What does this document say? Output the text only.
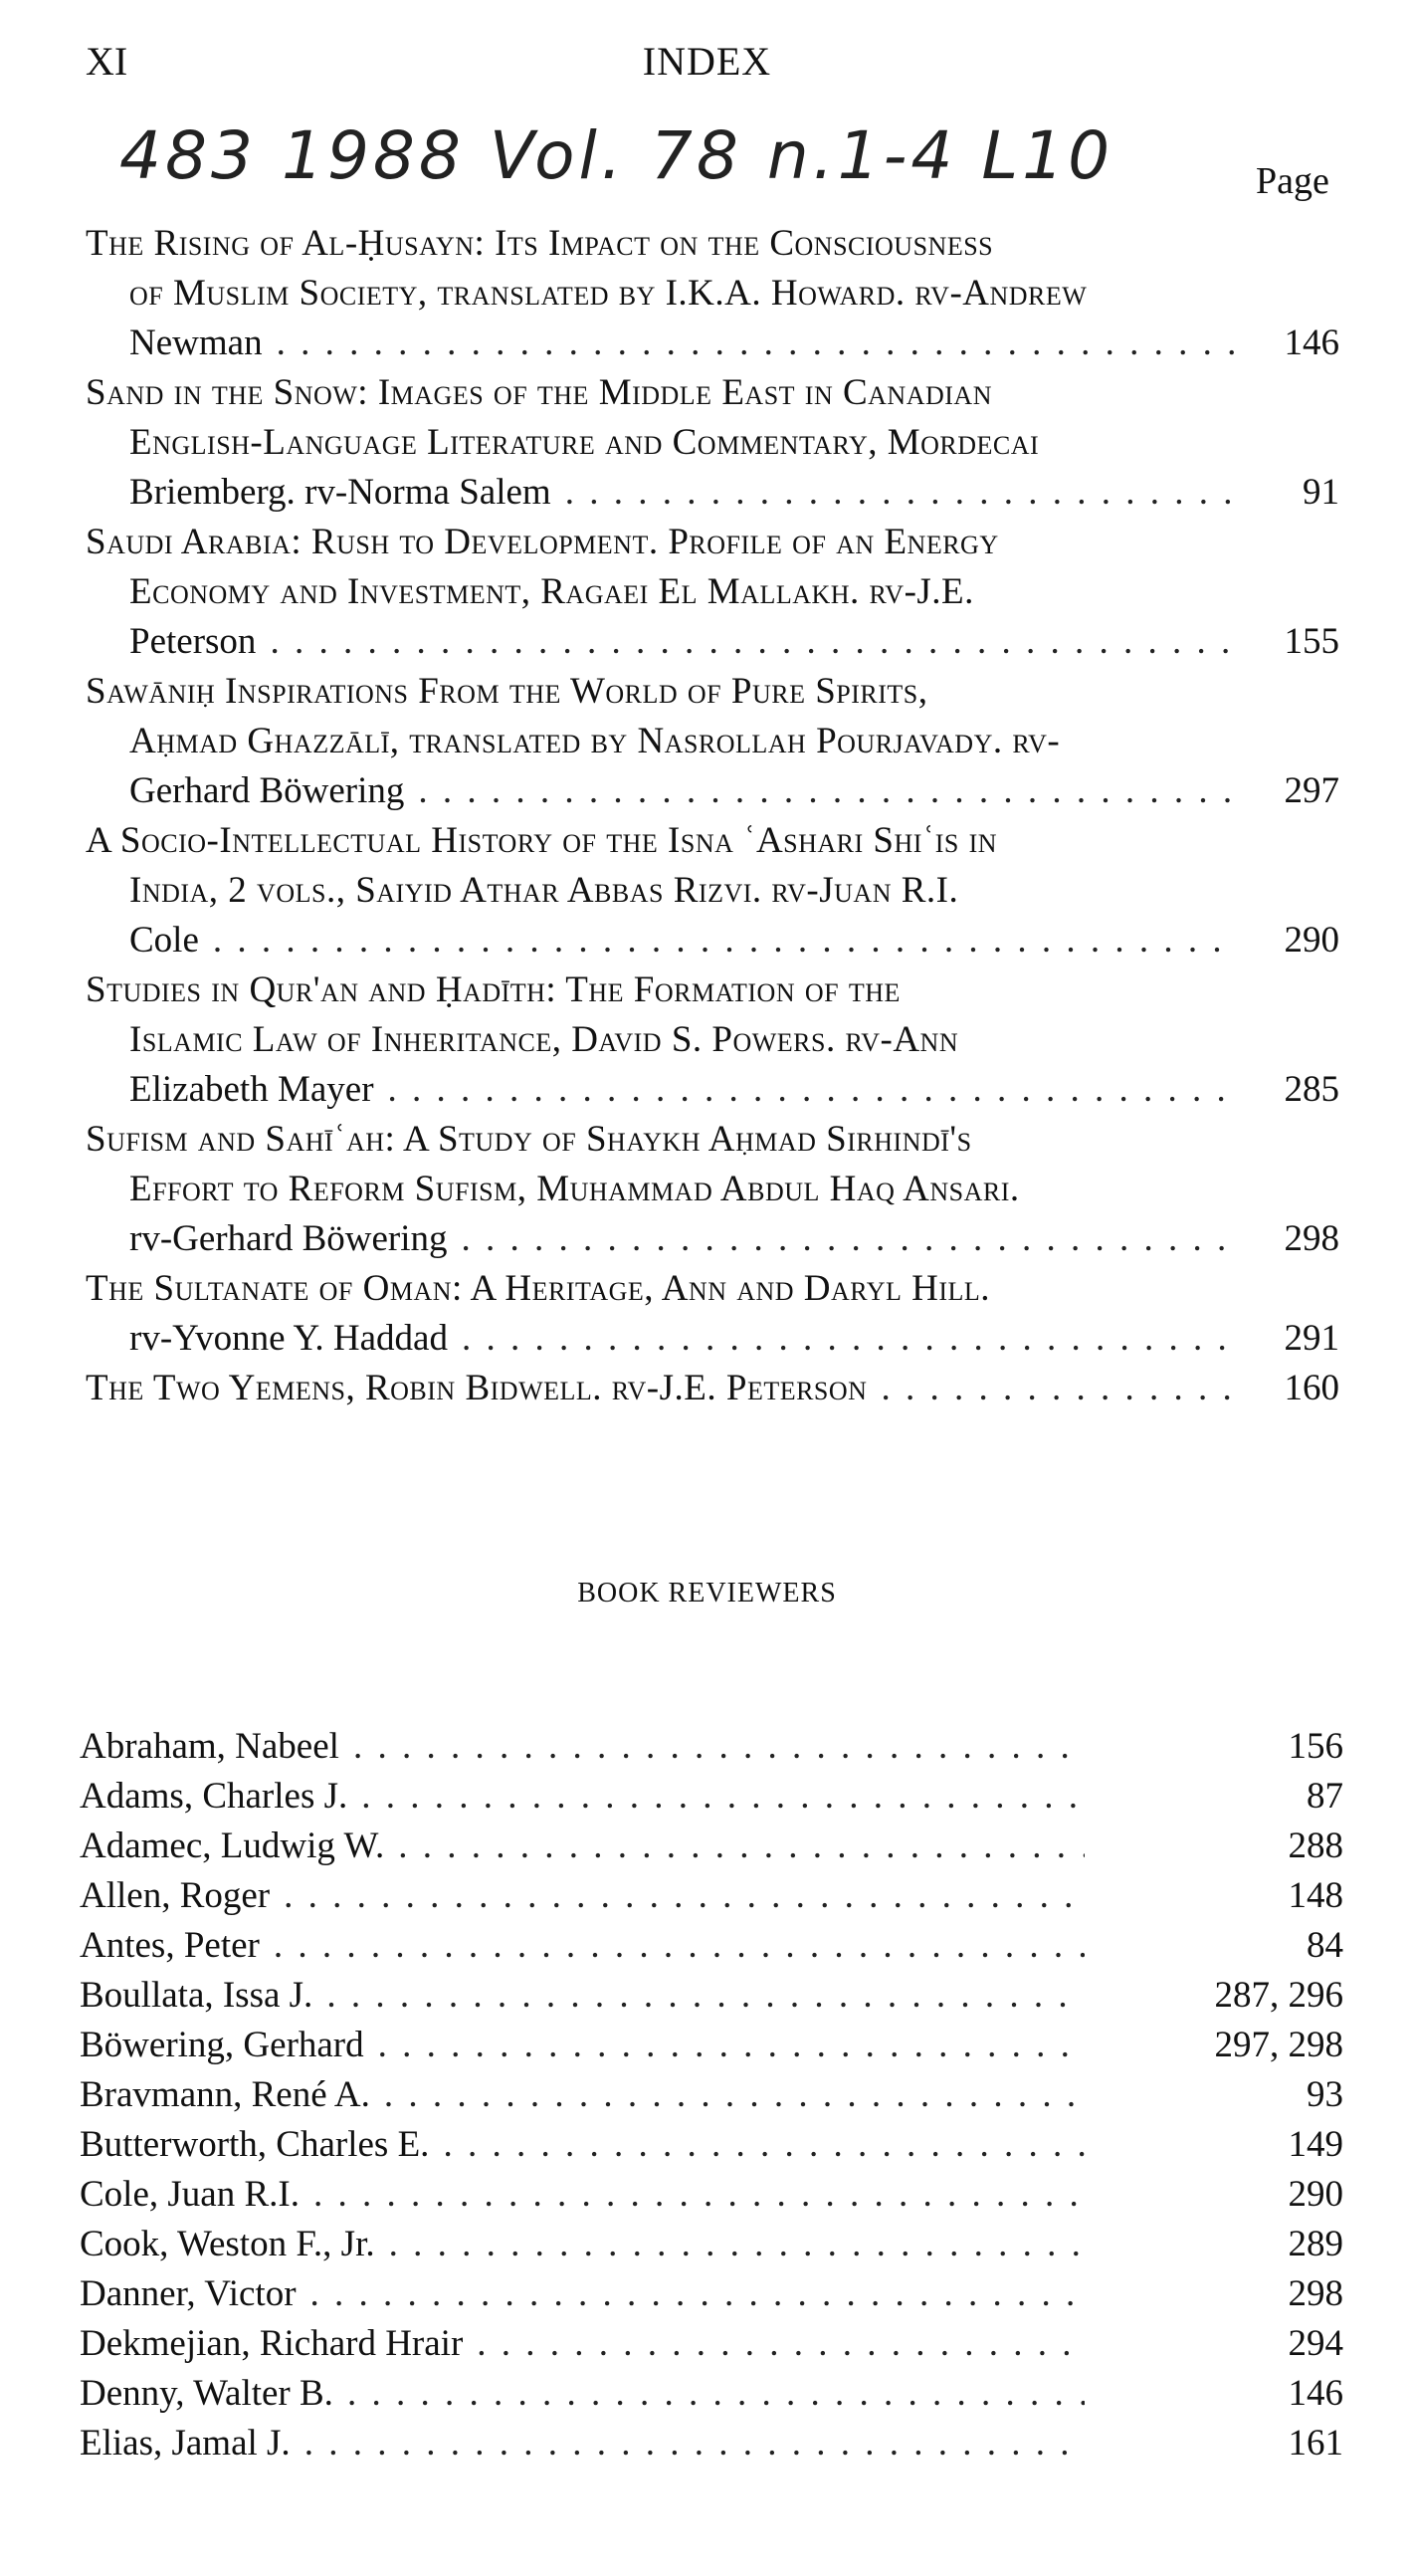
XI	INDEX
483 1988 Vol. 78 n.1-4 L10	Page
The Rising of Al-Ḥusayn: Its Impact on the Consciousness
of Muslim Society, translated by I.K.A. Howard. rv-Andrew
Newman . . .	146
Sand in the Snow: Images of the Middle East in Canadian
English-Language Literature and Commentary, Mordecai
Briemberg. rv-Norma Salem . . .	91
Saudi Arabia: Rush to Development. Profile of an Energy
Economy and Investment, Ragaei El Mallakh. rv-J.E.
Peterson . . .	155
Sawāniḥ Inspirations From the World of Pure Spirits,
Aḥmad Ghazzālī, translated by Nasrollah Pourjavady. rv-
Gerhard Böwering . . .	297
A Socio-Intellectual History of the Isna ʿAshari Shiʿis in
India, 2 vols., Saiyid Athar Abbas Rizvi. rv-Juan R.I.
Cole . . .	290
Studies in Qur'an and Ḥadīth: The Formation of the
Islamic Law of Inheritance, David S. Powers. rv-Ann
Elizabeth Mayer . . .	285
Sufism and Sahīʿah: A Study of Shaykh Aḥmad Sirhindī's
Effort to Reform Sufism, Muhammad Abdul Haq Ansari.
rv-Gerhard Böwering . . .	298
The Sultanate of Oman: A Heritage, Ann and Daryl Hill.
rv-Yvonne Y. Haddad . . .	291
The Two Yemens, Robin Bidwell. rv-J.E. Peterson . . .	160
BOOK REVIEWERS
Abraham, Nabeel . . .	156
Adams, Charles J. . . .	87
Adamec, Ludwig W. . . .	288
Allen, Roger . . .	148
Antes, Peter . . .	84
Boullata, Issa J. . . .	287, 296
Böwering, Gerhard . . .	297, 298
Bravmann, René A. . . .	93
Butterworth, Charles E. . . .	149
Cole, Juan R.I. . . .	290
Cook, Weston F., Jr. . . .	289
Danner, Victor . . .	298
Dekmejian, Richard Hrair . . .	294
Denny, Walter B. . . .	146
Elias, Jamal J. . . .	161
